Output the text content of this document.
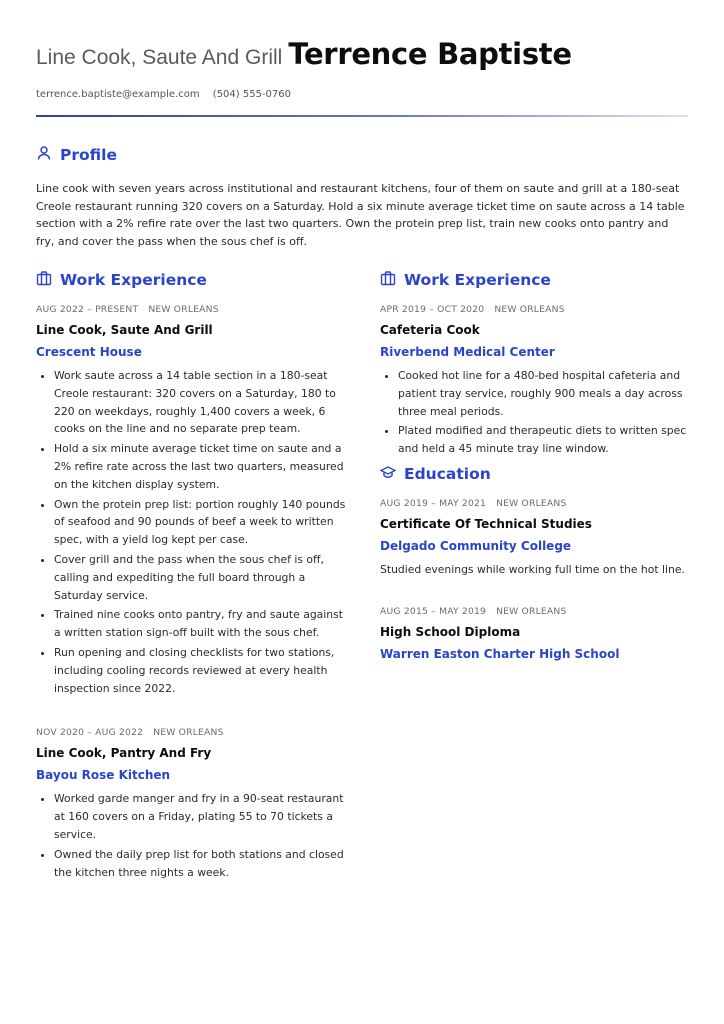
Line Cook, Saute And Grill Terrence Baptiste
terrence.baptiste@example.com (504) 555-0760
Profile
Line cook with seven years across institutional and restaurant kitchens, four of them on saute and grill at a 180-seat Creole restaurant running 320 covers on a Saturday. Hold a six minute average ticket time on saute across a 14 table section with a 2% refire rate over the last two quarters. Own the protein prep list, train new cooks onto pantry and fry, and cover the pass when the sous chef is off.
Work Experience
AUG 2022 – PRESENT NEW ORLEANS
Line Cook, Saute And Grill
Crescent House
• Work saute across a 14 table section in a 180-seat Creole restaurant: 320 covers on a Saturday, 180 to 220 on weekdays, roughly 1,400 covers a week, 6 cooks on the line and no separate prep team.
• Hold a six minute average ticket time on saute and a 2% refire rate across the last two quarters, measured on the kitchen display system.
• Own the protein prep list: portion roughly 140 pounds of seafood and 90 pounds of beef a week to written spec, with a yield log kept per case.
• Cover grill and the pass when the sous chef is off, calling and expediting the full board through a Saturday service.
• Trained nine cooks onto pantry, fry and saute against a written station sign-off built with the sous chef.
• Run opening and closing checklists for two stations, including cooling records reviewed at every health inspection since 2022.
NOV 2020 – AUG 2022 NEW ORLEANS
Line Cook, Pantry And Fry
Bayou Rose Kitchen
• Worked garde manger and fry in a 90-seat restaurant at 160 covers on a Friday, plating 55 to 70 tickets a service.
• Owned the daily prep list for both stations and closed the kitchen three nights a week.
Work Experience
APR 2019 – OCT 2020 NEW ORLEANS
Cafeteria Cook
Riverbend Medical Center
• Cooked hot line for a 480-bed hospital cafeteria and patient tray service, roughly 900 meals a day across three meal periods.
• Plated modified and therapeutic diets to written spec and held a 45 minute tray line window.
Education
AUG 2019 – MAY 2021 NEW ORLEANS
Certificate Of Technical Studies
Delgado Community College
Studied evenings while working full time on the hot line.
AUG 2015 – MAY 2019 NEW ORLEANS
High School Diploma
Warren Easton Charter High School
